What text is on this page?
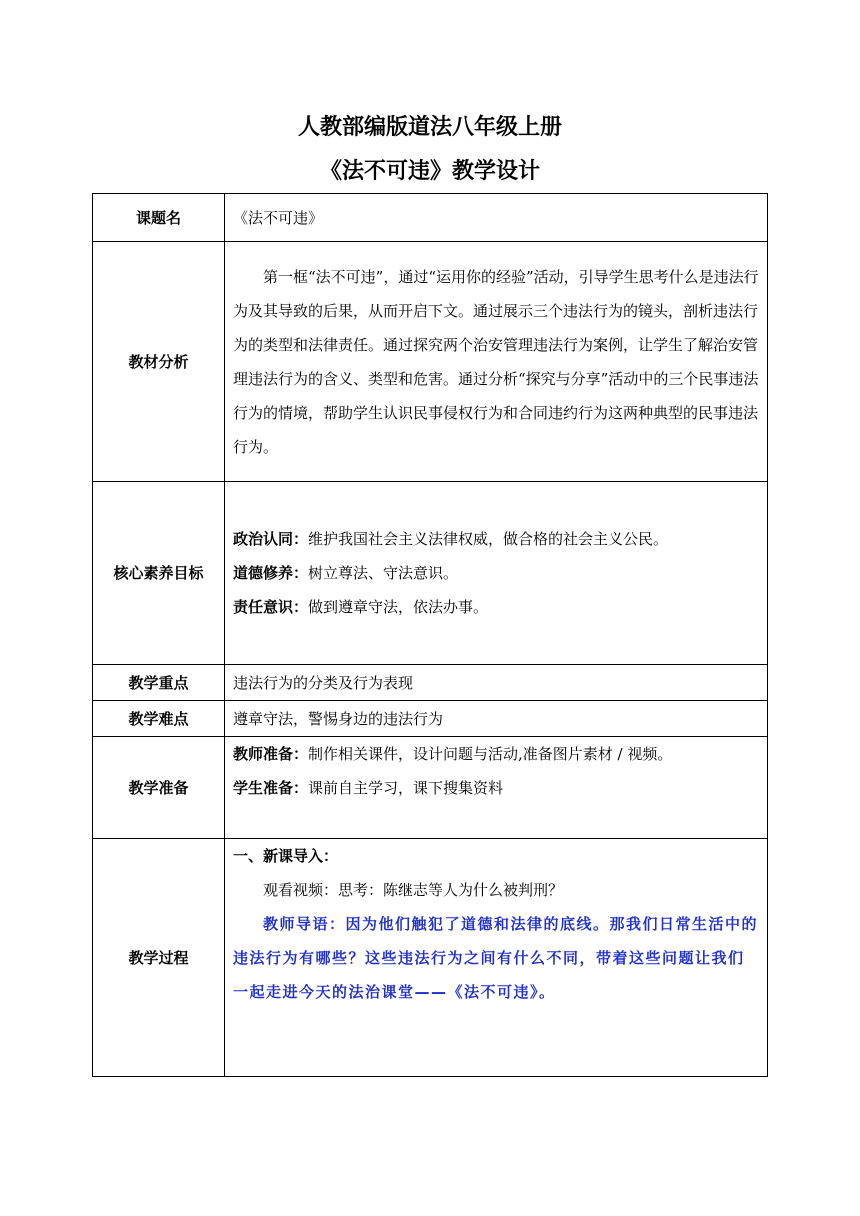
人教部编版道法八年级上册
《法不可违》教学设计
课题名	《法不可违》
教材分析	第一框“法不可违”，通过“运用你的经验”活动，引导学生思考什么是违法行为及其导致的后果，从而开启下文。通过展示三个违法行为的镜头，剖析违法行为的类型和法律责任。通过探究两个治安管理违法行为案例，让学生了解治安管理违法行为的含义、类型和危害。通过分析“探究与分享”活动中的三个民事违法行为的情境，帮助学生认识民事侵权行为和合同违约行为这两种典型的民事违法行为。

核心素养目标	政治认同：维护我国社会主义法律权威，做合格的社会主义公民。

道德修养：树立尊法、守法意识。

责任意识：做到遵章守法，依法办事。

教学重点	违法行为的分类及行为表现
教学难点	遵章守法，警惕身边的违法行为
教学准备	教师准备：制作相关课件，设计问题与活动,准备图片素材 / 视频。

学生准备：课前自主学习，课下搜集资料

教学过程	一、新课导入：

观看视频：思考：陈继志等人为什么被判刑？

教师导语：因为他们触犯了道德和法律的底线。那我们日常生活中的违法行为有哪些？这些违法行为之间有什么不同，带着这些问题让我们一起走进今天的法治课堂——《法不可违》。
